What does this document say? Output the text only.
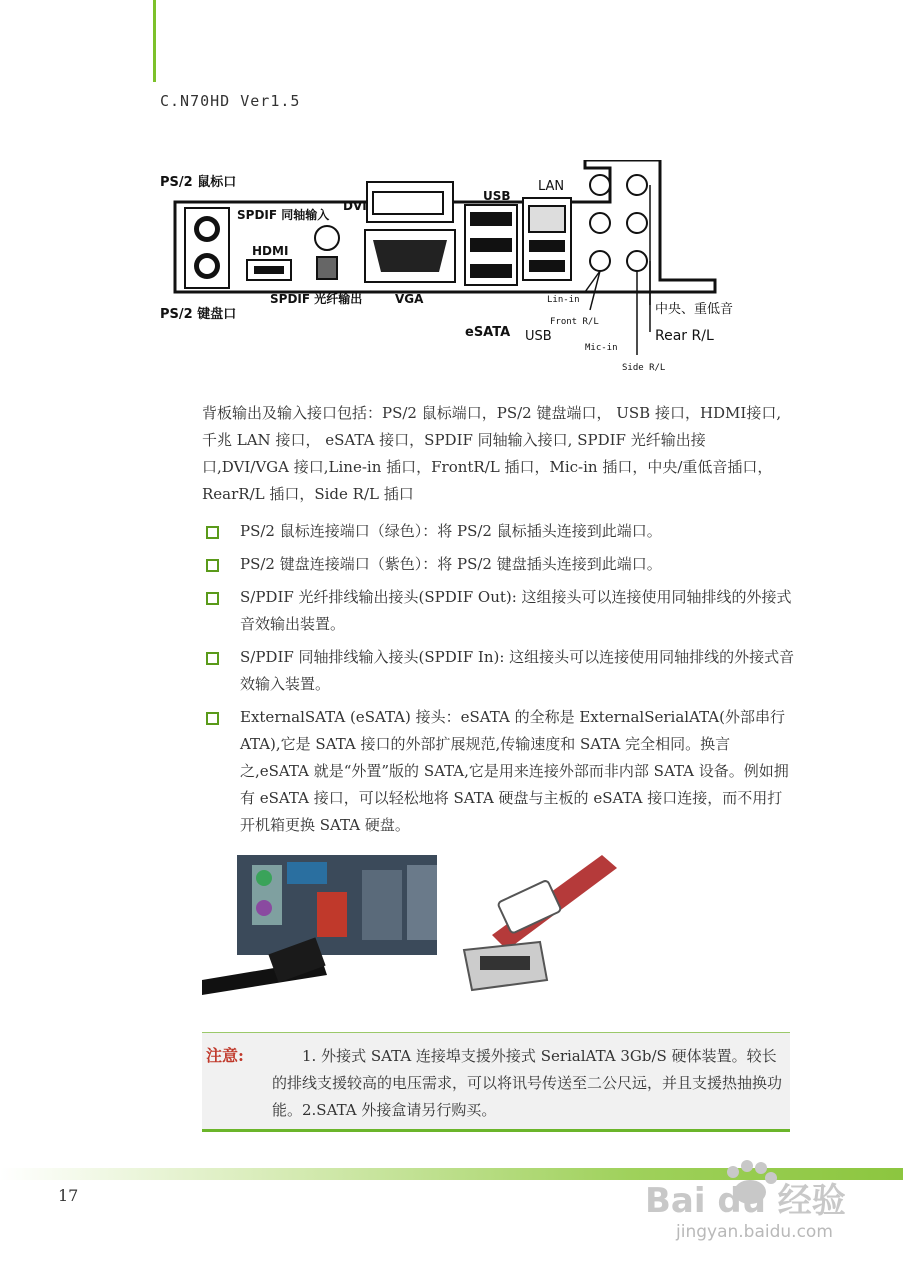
C.N70HD Ver1.5
PS/2 鼠标口
PS/2 键盘口
SPDIF 同轴输入
HDMI
SPDIF 光纤输出
DVI
VGA
USB
eSATA
LAN
USB
Lin-in
Front R/L
Mic-in
Side R/L
中央、重低音
Rear R/L
背板输出及输入接口包括：PS/2 鼠标端口，PS/2 键盘端口， USB 接口，HDMI接口, 千兆 LAN 接口， eSATA 接口，SPDIF 同轴输入接口, SPDIF 光纤输出接口,DVI/VGA 接口,Line-in 插口，FrontR/L 插口，Mic-in 插口，中央/重低音插口，RearR/L 插口，Side R/L 插口
PS/2 鼠标连接端口（绿色）：将 PS/2 鼠标插头连接到此端口。
PS/2 键盘连接端口（紫色）：将 PS/2 键盘插头连接到此端口。
S/PDIF 光纤排线输出接头(SPDIF Out): 这组接头可以连接使用同轴排线的外接式音效输出装置。
S/PDIF 同轴排线输入接头(SPDIF In): 这组接头可以连接使用同轴排线的外接式音效输入装置。
ExternalSATA (eSATA) 接头：eSATA 的全称是 ExternalSerialATA(外部串行 ATA),它是 SATA 接口的外部扩展规范,传输速度和 SATA 完全相同。换言之,eSATA 就是“外置”版的 SATA,它是用来连接外部而非内部 SATA 设备。例如拥有 eSATA 接口，可以轻松地将 SATA 硬盘与主板的 eSATA 接口连接，而不用打开机箱更换 SATA 硬盘。
注意:	1. 外接式 SATA 连接埠支援外接式 SerialATA 3Gb/S 硬体装置。较长的排线支援较高的电压需求，可以将讯号传送至二公尺远，并且支援热抽换功能。2.SATA 外接盒请另行购买。
17	Bai du 经验
jingyan.baidu.com
